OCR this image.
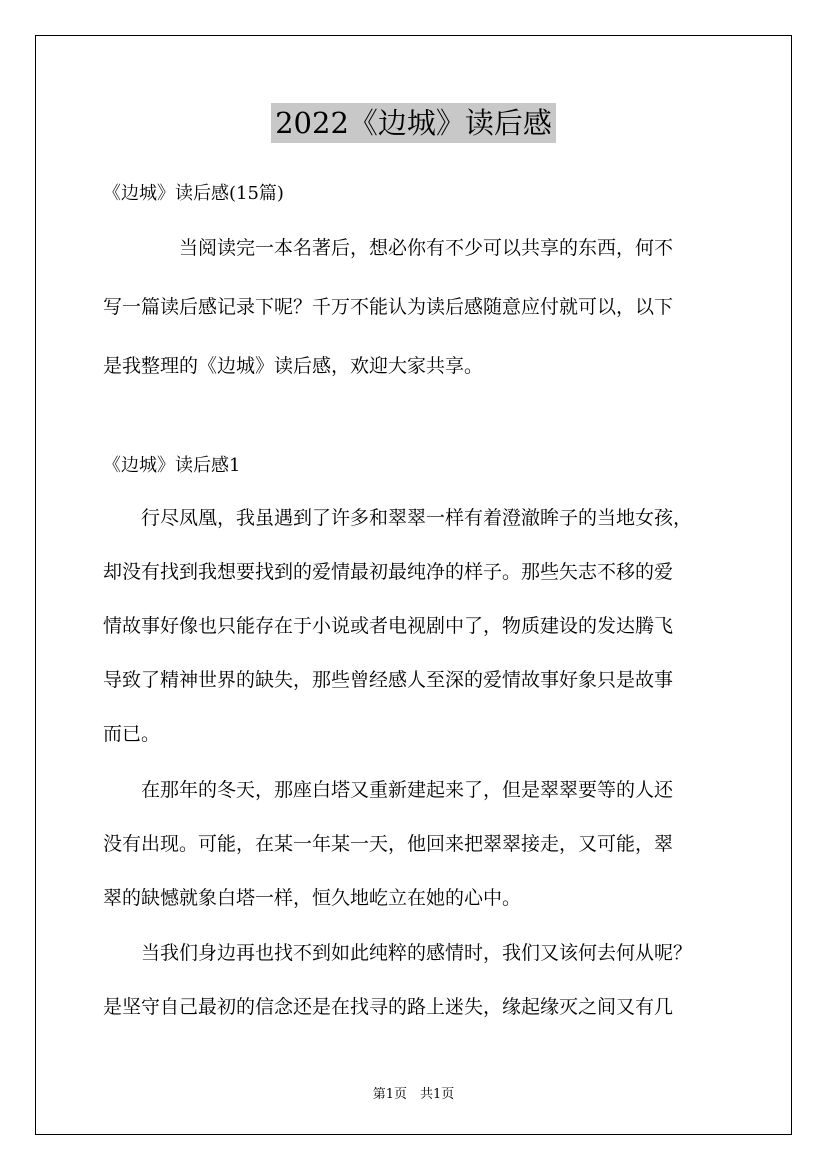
2022《边城》读后感
《边城》读后感(15篇)
　　　　当阅读完一本名著后，想必你有不少可以共享的东西，何不
写一篇读后感记录下呢？千万不能认为读后感随意应付就可以，以下
是我整理的《边城》读后感，欢迎大家共享。
《边城》读后感1
　　行尽凤凰，我虽遇到了许多和翠翠一样有着澄澈眸子的当地女孩，
却没有找到我想要找到的爱情最初最纯净的样子。那些矢志不移的爱
情故事好像也只能存在于小说或者电视剧中了，物质建设的发达腾飞
导致了精神世界的缺失，那些曾经感人至深的爱情故事好象只是故事
而已。
　　在那年的冬天，那座白塔又重新建起来了，但是翠翠要等的人还
没有出现。可能，在某一年某一天，他回来把翠翠接走，又可能，翠
翠的缺憾就象白塔一样，恒久地屹立在她的心中。
　　当我们身边再也找不到如此纯粹的感情时，我们又该何去何从呢？
是坚守自己最初的信念还是在找寻的路上迷失，缘起缘灭之间又有几
第1页　共1页
